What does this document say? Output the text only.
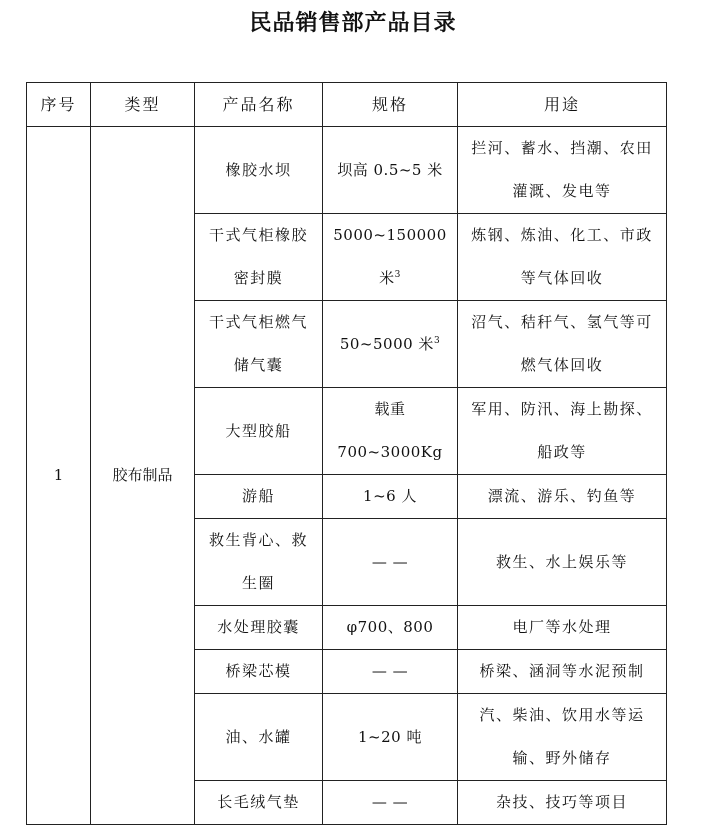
民品销售部产品目录
序号	类型	产品名称	规格	用途
1	胶布制品	橡胶水坝	坝高 0.5~5 米	拦河、蓄水、挡潮、农田灌溉、发电等
		干式气柜橡胶密封膜	5000~150000 米$^3$	炼钢、炼油、化工、市政等气体回收
		干式气柜燃气储气囊	50~5000 米$^3$	沼气、秸秆气、氢气等可燃气体回收
		大型胶船	载重 700~3000Kg	军用、防汛、海上勘探、船政等
		游船	1~6 人	漂流、游乐、钓鱼等
		救生背心、救生圈	— —	救生、水上娱乐等
		水处理胶囊	φ700、800	电厂等水处理
		桥梁芯模	— —	桥梁、涵洞等水泥预制
		油、水罐	1~20 吨	汽、柴油、饮用水等运输、野外储存
		长毛绒气垫	— —	杂技、技巧等项目
